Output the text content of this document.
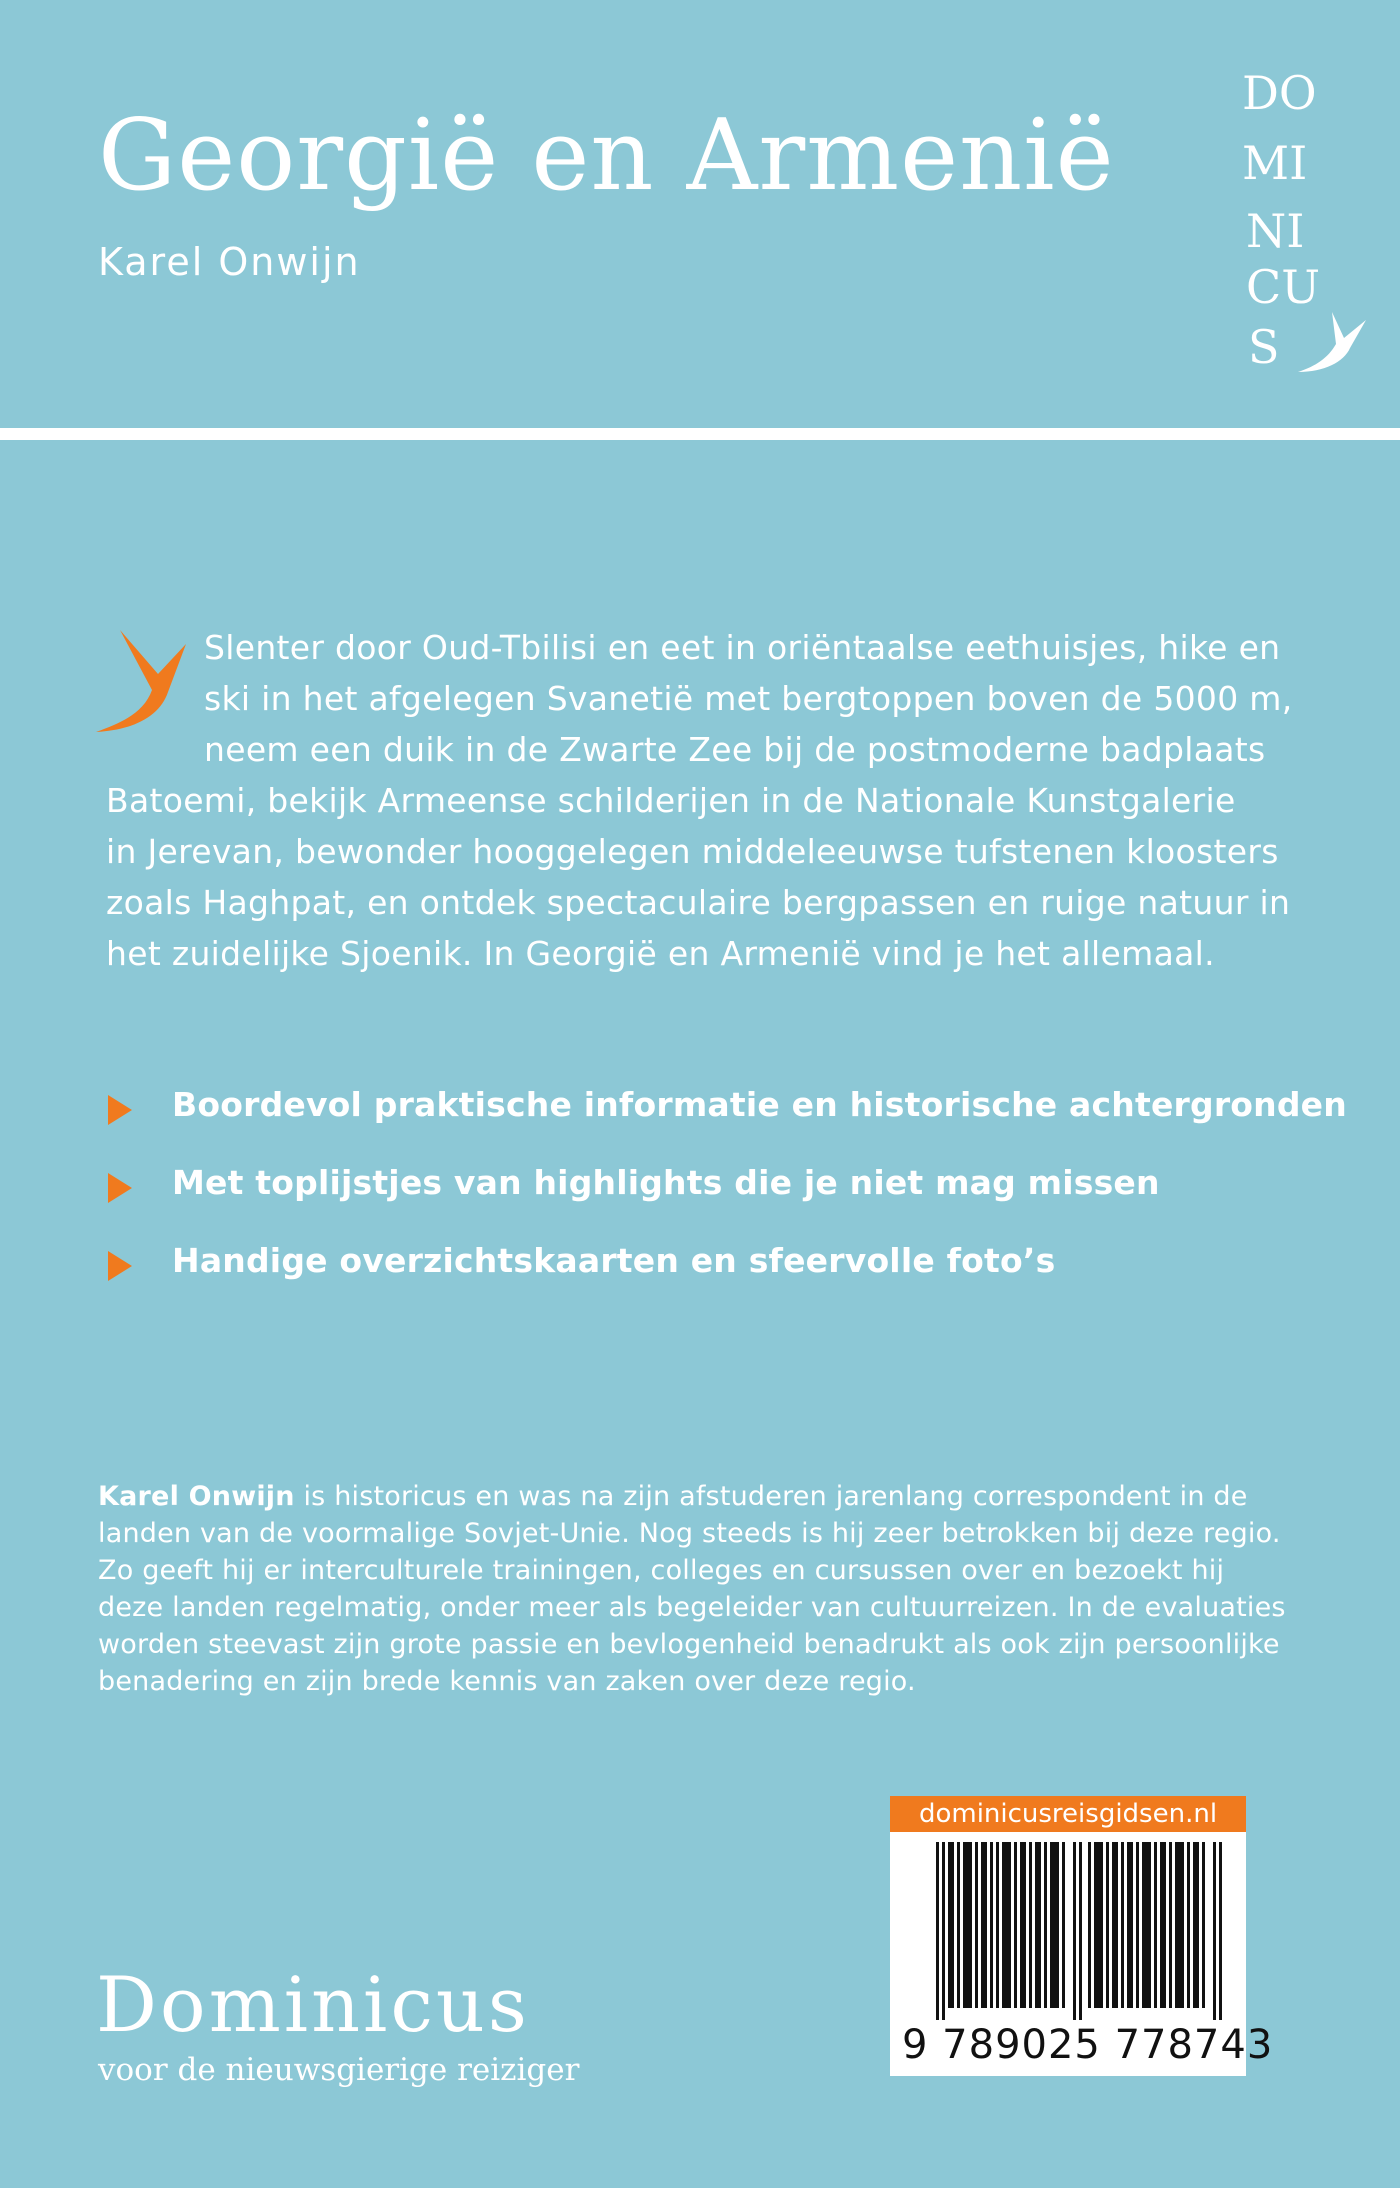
Georgië en Armenië
Karel Onwijn
DO
MI
NI
CU
S
Slenter door Oud-Tbilisi en eet in oriëntaalse eethuisjes, hike en
ski in het afgelegen Svanetië met bergtoppen boven de 5000 m,
neem een duik in de Zwarte Zee bij de postmoderne badplaats
Batoemi, bekijk Armeense schilderijen in de Nationale Kunstgalerie
in Jerevan, bewonder hooggelegen middeleeuwse tufstenen kloosters
zoals Haghpat, en ontdek spectaculaire bergpassen en ruige natuur in
het zuidelijke Sjoenik. In Georgië en Armenië vind je het allemaal.
Boordevol praktische informatie en historische achtergronden
Met toplijstjes van highlights die je niet mag missen
Handige overzichtskaarten en sfeervolle foto’s
Karel Onwijn is historicus en was na zijn afstuderen jarenlang correspondent in de
landen van de voormalige Sovjet-Unie. Nog steeds is hij zeer betrokken bij deze regio.
Zo geeft hij er interculturele trainingen, colleges en cursussen over en bezoekt hij
deze landen regelmatig, onder meer als begeleider van cultuurreizen. In de evaluaties
worden steevast zijn grote passie en bevlogenheid benadrukt als ook zijn persoonlijke
benadering en zijn brede kennis van zaken over deze regio.
Dominicus
voor de nieuwsgierige reiziger
dominicusreisgidsen.nl
9 789025 778743
